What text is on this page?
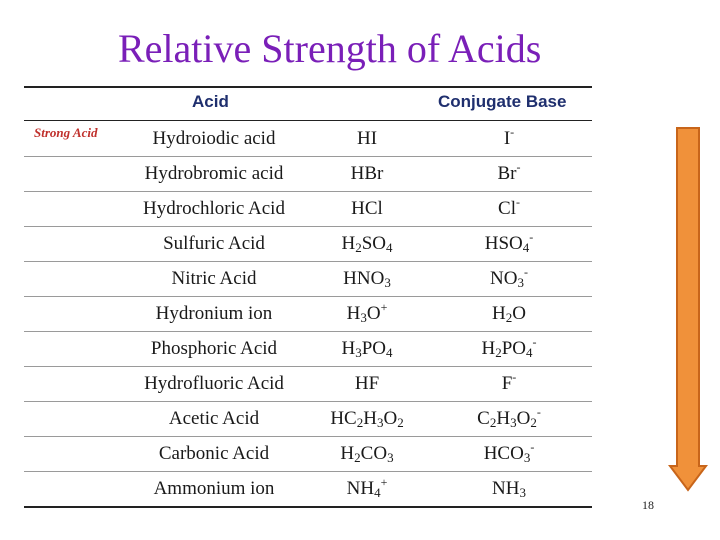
Relative Strength of Acids
Acid	Conjugate Base
Strong Acid	Hydroiodic acid	HI	I-
Hydrobromic acid	HBr	Br-
Hydrochloric Acid	HCl	Cl-
Sulfuric Acid	$H_2SO_4$	$HSO_4^-$
Nitric Acid	$HNO_3$	$NO_3^-$
Hydronium ion	$H_3O^+$	$H_2O$
Phosphoric Acid	$H_3PO_4$	$H_2PO_4^-$
Hydrofluoric Acid	HF	F-
Acetic Acid	$HC_2H_3O_2$	$C_2H_3O_2^-$
Carbonic Acid	$H_2CO_3$	$HCO_3^-$
Ammonium ion	$NH_4^+$	$NH_3$
18
